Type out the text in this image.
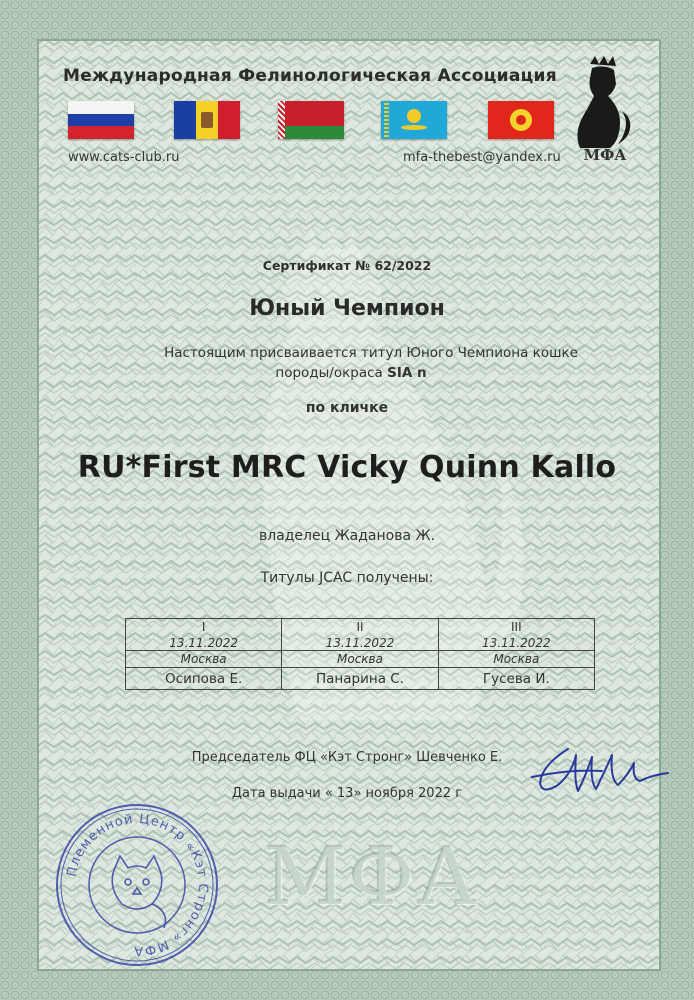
Международная Фелинологическая Ассоциация
МФА
www.cats-club.ru	mfa-thebest@yandex.ru
Сертификат № 62/2022
Юный Чемпион
Настоящим присваивается титул Юного Чемпиона кошке
породы/окраса SIA n
по кличке
RU*First MRC Vicky Quinn Kallo
владелец Жаданова Ж.
Титулы JCAC получены:
I	II	III
13.11.2022	13.11.2022	13.11.2022
Москва	Москва	Москва
Осипова Е.	Панарина С.	Гусева И.
Председатель ФЦ «Кэт Стронг» Шевченко Е.
Дата выдачи « 13» ноября 2022 г
МФА
Племенной Центр «Кэт Стронг» МФА
